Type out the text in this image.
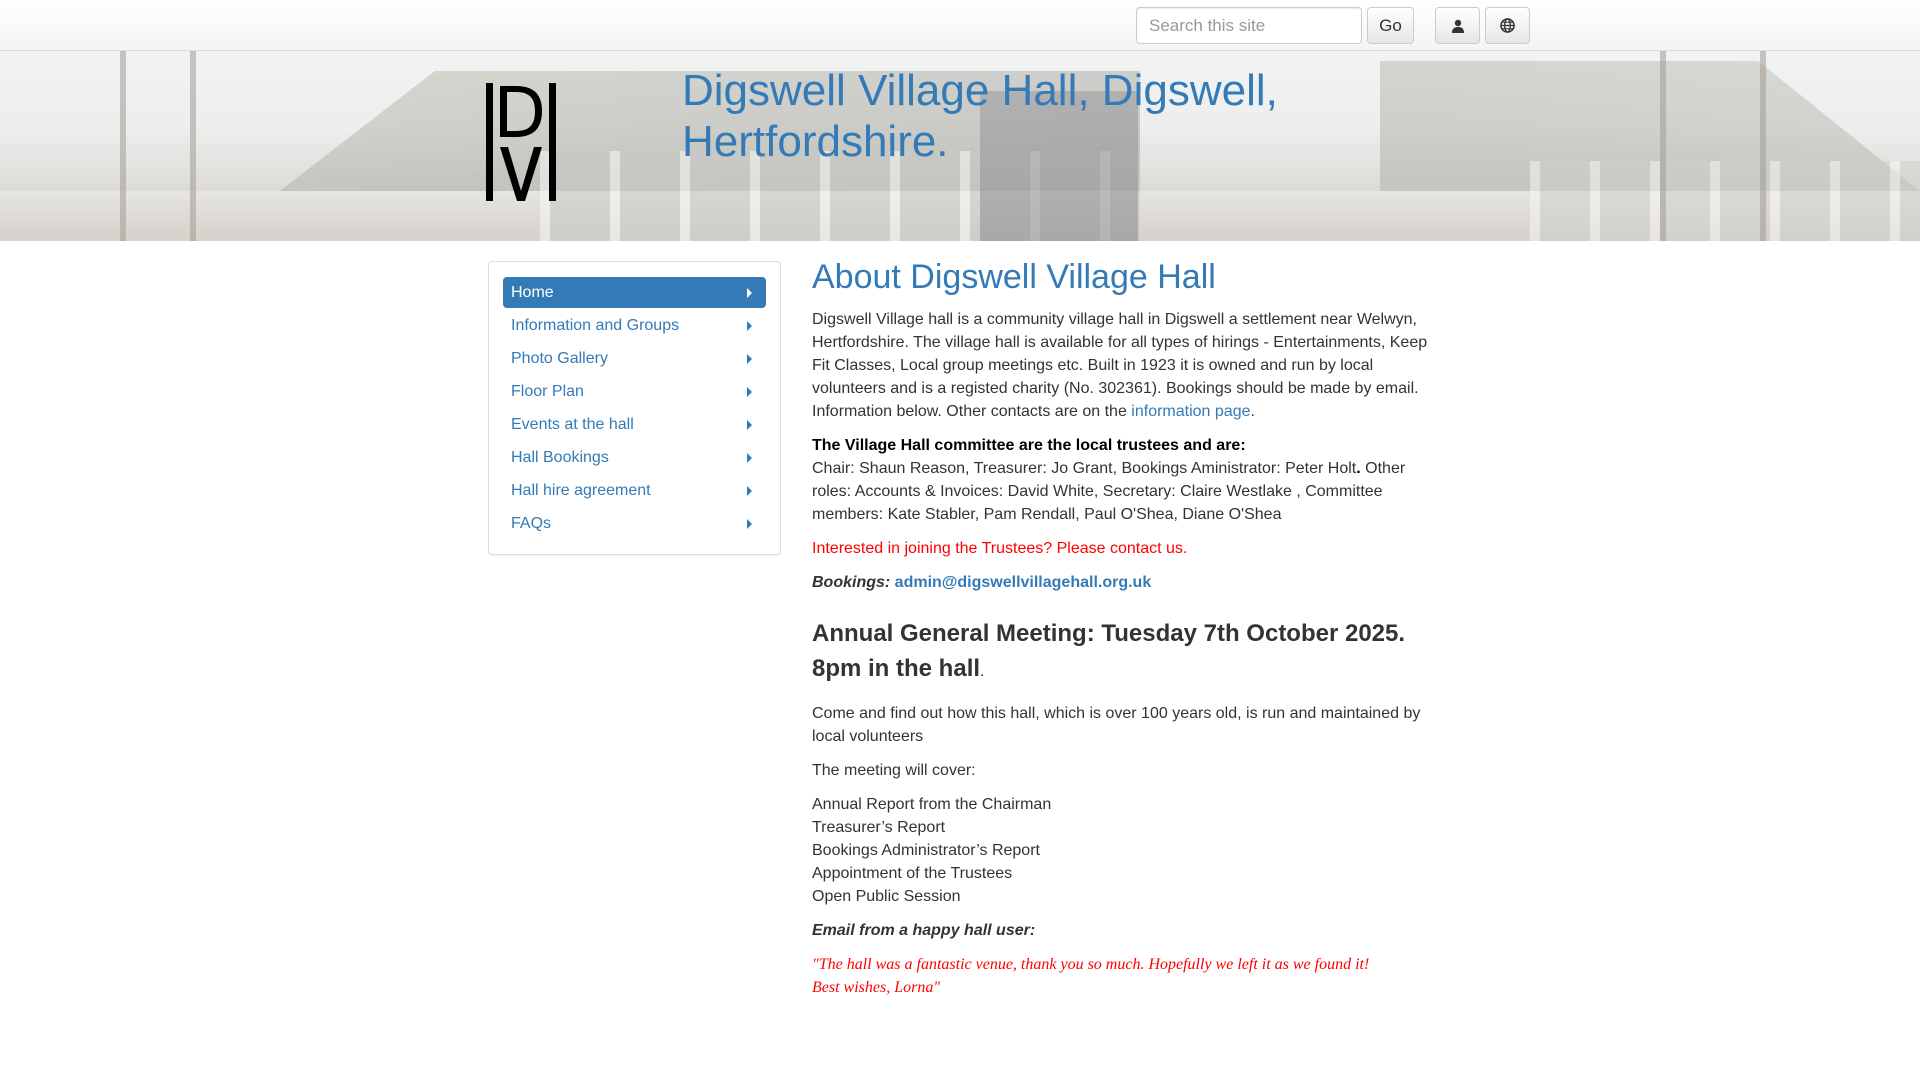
Search this site
Go
Digswell Village Hall, Digswell, Hertfordshire.
Home
Information and Groups
Photo Gallery
Floor Plan
Events at the hall
Hall Bookings
Hall hire agreement
FAQs
About Digswell Village Hall

Digswell Village hall is a community village hall in Digswell a settlement near Welwyn, Hertfordshire. The village hall is available for all types of hirings - Entertainments, Keep Fit Classes, Local group meetings etc. Built in 1923 it is owned and run by local volunteers and is a registed charity (No. 302361). Bookings should be made by email. Information below. Other contacts are on the information page.

The Village Hall committee are the local trustees and are:
Chair: Shaun Reason, Treasurer: Jo Grant, Bookings Aministrator: Peter Holt. Other roles: Accounts & Invoices: David White, Secretary: Claire Westlake , Committee members: Kate Stabler, Pam Rendall, Paul O'Shea, Diane O'Shea

Interested in joining the Trustees? Please contact us.

Bookings: admin@digswellvillagehall.org.uk

Annual General Meeting: Tuesday 7th October 2025. 8pm in the hall.

Come and find out how this hall, which is over 100 years old, is run and maintained by local volunteers

The meeting will cover:

Annual Report from the Chairman
Treasurer’s Report
Bookings Administrator’s Report
Appointment of the Trustees
Open Public Session

Email from a happy hall user:

"The hall was a fantastic venue, thank you so much. Hopefully we left it as we found it!
Best wishes, Lorna"
